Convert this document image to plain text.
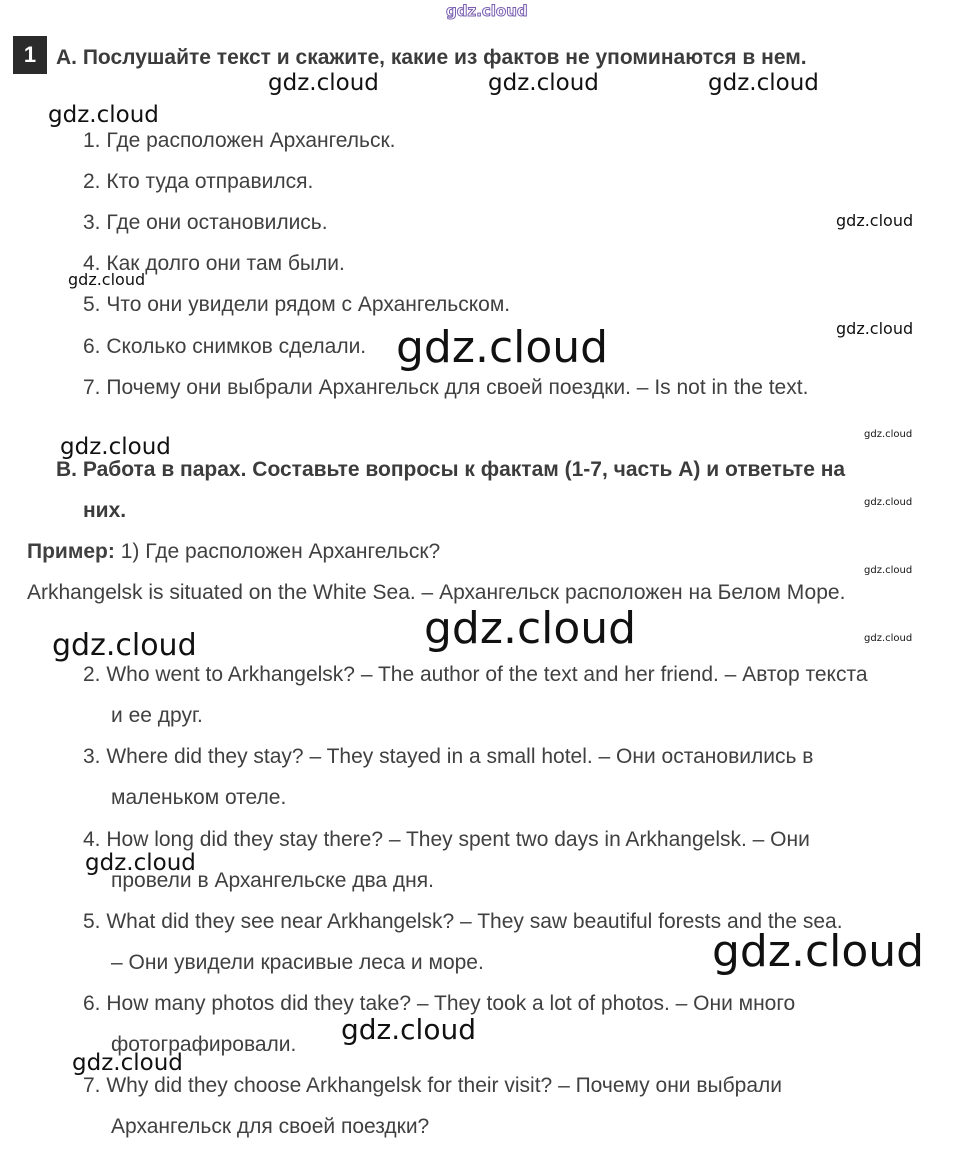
gdz.cloud
1 A. Послушайте текст и скажите, какие из фактов не упоминаются в нем.
1. Где расположен Архангельск.
2. Кто туда отправился.
3. Где они остановились.
4. Как долго они там были.
5. Что они увидели рядом с Архангельском.
6. Сколько снимков сделали.
7. Почему они выбрали Архангельск для своей поездки. – Is not in the text.
B. Работа в парах. Составьте вопросы к фактам (1-7, часть А) и ответьте на
них.
Пример: 1) Где расположен Архангельск?
Arkhangelsk is situated on the White Sea. – Архангельск расположен на Белом Море.
2. Who went to Arkhangelsk? – The author of the text and her friend. – Автор текста
и ее друг.
3. Where did they stay? – They stayed in a small hotel. – Они остановились в
маленьком отеле.
4. How long did they stay there? – They spent two days in Arkhangelsk. – Они
провели в Архангельске два дня.
5. What did they see near Arkhangelsk? – They saw beautiful forests and the sea.
– Они увидели красивые леса и море.
6. How many photos did they take? – They took a lot of photos. – Они много
фотографировали.
7. Why did they choose Arkhangelsk for their visit? – Почему они выбрали
Архангельск для своей поездки?
gdz.cloud	gdz.cloud	gdz.cloud
gdz.cloud
gdz.cloud
gdz.cloud
gdz.cloud
gdz.cloud
gdz.cloud
gdz.cloud
gdz.cloud
gdz.cloud
gdz.cloud	gdz.cloud
gdz.cloud
gdz.cloud
gdz.cloud
gdz.cloud
gdz.cloud
